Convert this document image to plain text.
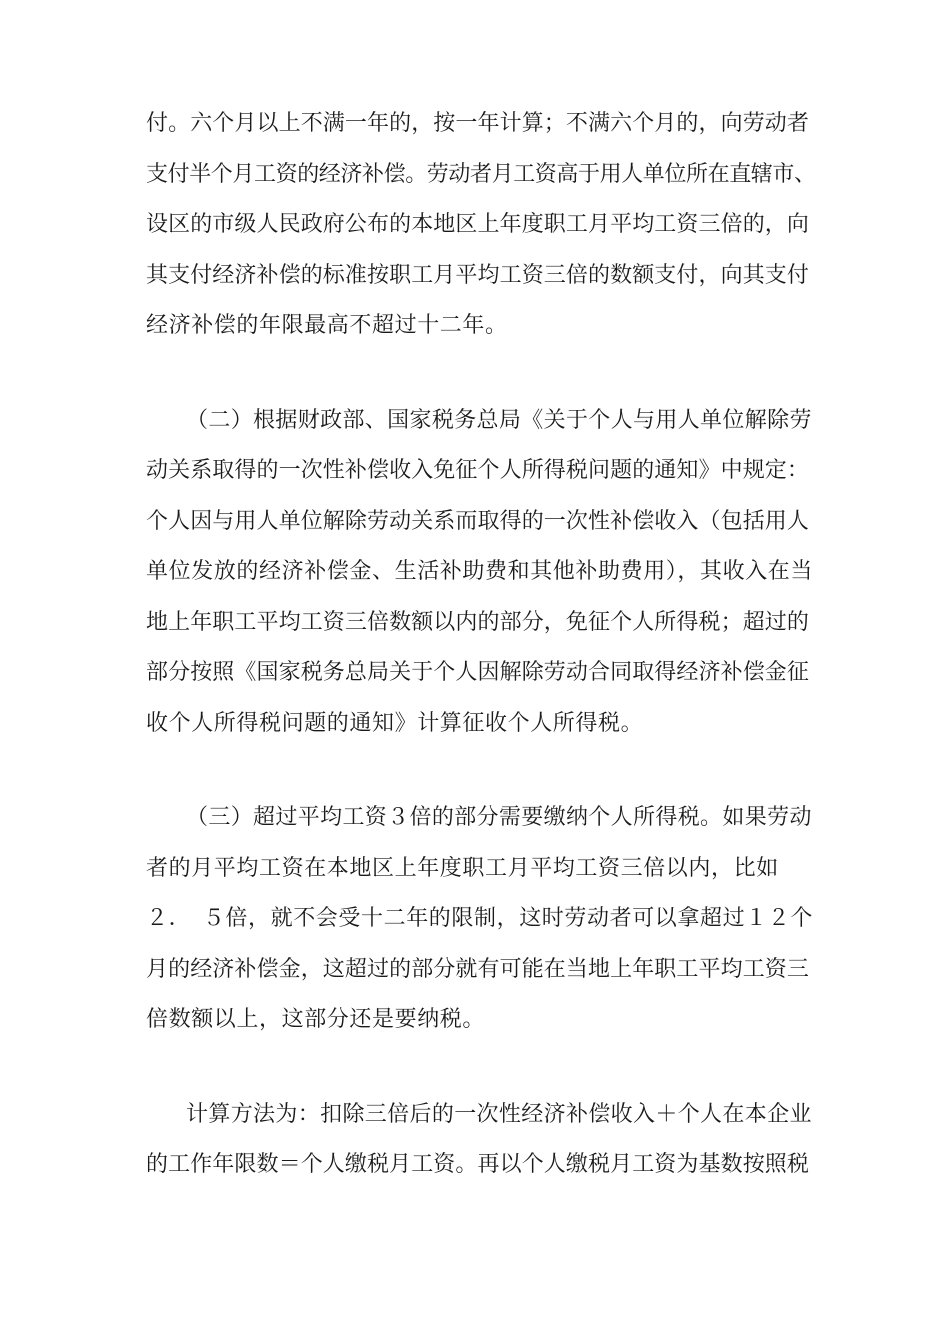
付。六个月以上不满一年的，按一年计算；不满六个月的，向劳动者
支付半个月工资的经济补偿。劳动者月工资高于用人单位所在直辖市、
设区的市级人民政府公布的本地区上年度职工月平均工资三倍的，向
其支付经济补偿的标准按职工月平均工资三倍的数额支付，向其支付
经济补偿的年限最高不超过十二年。
（二）根据财政部、国家税务总局《关于个人与用人单位解除劳
动关系取得的一次性补偿收入免征个人所得税问题的通知》中规定：
个人因与用人单位解除劳动关系而取得的一次性补偿收入（包括用人
单位发放的经济补偿金、生活补助费和其他补助费用），其收入在当
地上年职工平均工资三倍数额以内的部分，免征个人所得税；超过的
部分按照《国家税务总局关于个人因解除劳动合同取得经济补偿金征
收个人所得税问题的通知》计算征收个人所得税。
（三）超过平均工资３倍的部分需要缴纳个人所得税。如果劳动
者的月平均工资在本地区上年度职工月平均工资三倍以内，比如
２．　５倍，就不会受十二年的限制，这时劳动者可以拿超过１２个
月的经济补偿金，这超过的部分就有可能在当地上年职工平均工资三
倍数额以上，这部分还是要纳税。
计算方法为：扣除三倍后的一次性经济补偿收入＋个人在本企业
的工作年限数＝个人缴税月工资。再以个人缴税月工资为基数按照税
